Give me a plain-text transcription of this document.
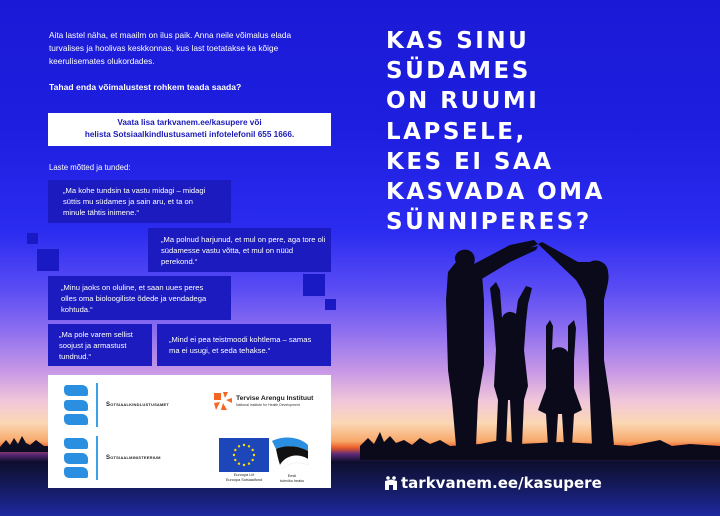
Aita lastel näha, et maailm on ilus paik. Anna neile võimalus elada turvalises ja hoolivas keskkonnas, kus last toetatakse ka kõige keerulisemates olukordades.

Tahad enda võimalustest rohkem teada saada?

Vaata lisa tarkvanem.ee/kasupere või
helista Sotsiaalkindlustusameti infotelefonil 655 1666.

Laste mõtted ja tunded:

„Ma kohe tundsin ta vastu midagi – midagi süttis mu südames ja sain aru, et ta on minule tähtis inimene.“
„Ma polnud harjunud, et mul on pere, aga tore oli südamesse vastu võtta, et mul on nüüd perekond.“
„Minu jaoks on oluline, et saan uues peres olles oma bioloogiliste õdede ja vendadega kohtuda.“
„Ma pole varem sellist soojust ja armastust tundnud.“
„Mind ei pea teistmoodi kohtlema – samas ma ei usugi, et seda tehakse.“
Sotsiaalkindlustusamet
Sotsiaalministeerium
Tervise Arengu Instituut
National Institute for Health Development
Euroopa Liit
Euroopa Sotsiaalfond
Eesti
tuleviku heaks
KAS SINU
SÜDAMES
ON RUUMI
LAPSELE,
KES EI SAA
KASVADA OMA
SÜNNIPERES?
tarkvanem.ee/kasupere
